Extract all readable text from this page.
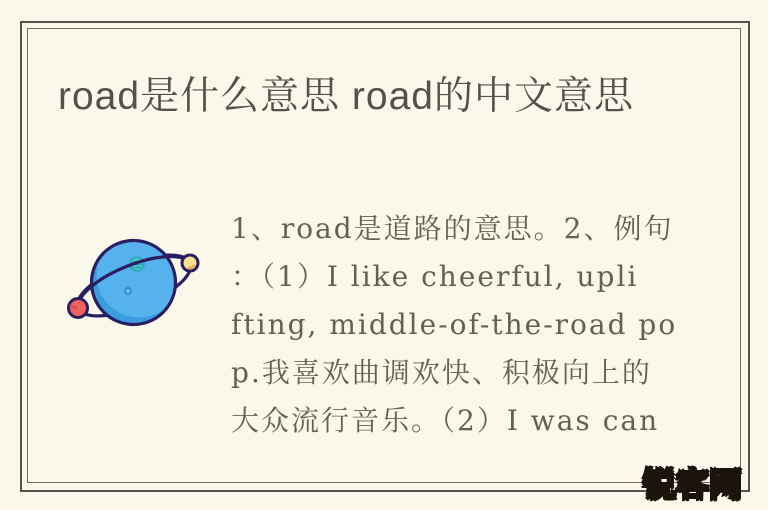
road是什么意思 road的中文意思
1、road是道路的意思。2、例句
：（1）I like cheerful, upli
fting, middle-of-the-road po
p.我喜欢曲调欢快、积极向上的
大众流行音乐。（2）I was can
锐客网
